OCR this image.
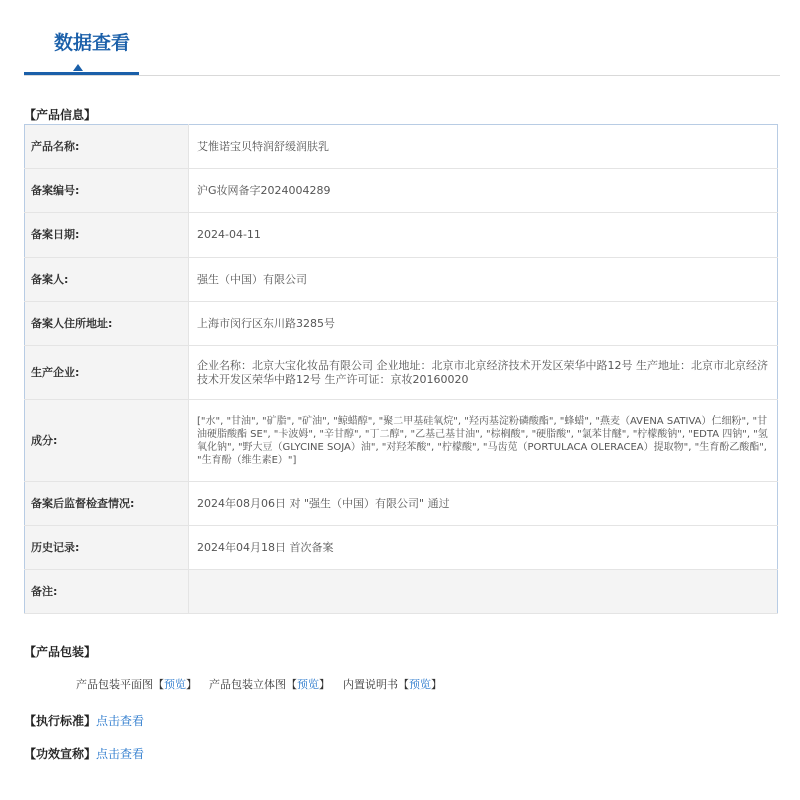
数据查看
【产品信息】
产品名称:	艾惟诺宝贝特润舒缓润肤乳
备案编号:	沪G妆网备字2024004289
备案日期:	2024-04-11
备案人:	强生（中国）有限公司
备案人住所地址:	上海市闵行区东川路3285号
生产企业:	企业名称：北京大宝化妆品有限公司 企业地址：北京市北京经济技术开发区荣华中路12号 生产地址：北京市北京经济技术开发区荣华中路12号 生产许可证：京妆20160020
成分:	["水", "甘油", "矿脂", "矿油", "鲸蜡醇", "聚二甲基硅氧烷", "羟丙基淀粉磷酸酯", "蜂蜡", "燕麦（AVENA SATIVA）仁细粉", "甘油硬脂酸酯 SE", "卡波姆", "辛甘醇", "丁二醇", "乙基己基甘油", "棕榈酸", "硬脂酸", "氯苯甘醚", "柠檬酸钠", "EDTA 四钠", "氢氧化钠", "野大豆（GLYCINE SOJA）油", "对羟苯酸", "柠檬酸", "马齿苋（PORTULACA OLERACEA）提取物", "生育酚乙酸酯", "生育酚（维生素E）"]
备案后监督检查情况:	2024年08月06日 对 "强生（中国）有限公司" 通过
历史记录:	2024年04月18日 首次备案
备注:	
【产品包装】
产品包装平面图【预览】 产品包装立体图【预览】 内置说明书【预览】
【执行标准】点击查看
【功效宣称】点击查看
